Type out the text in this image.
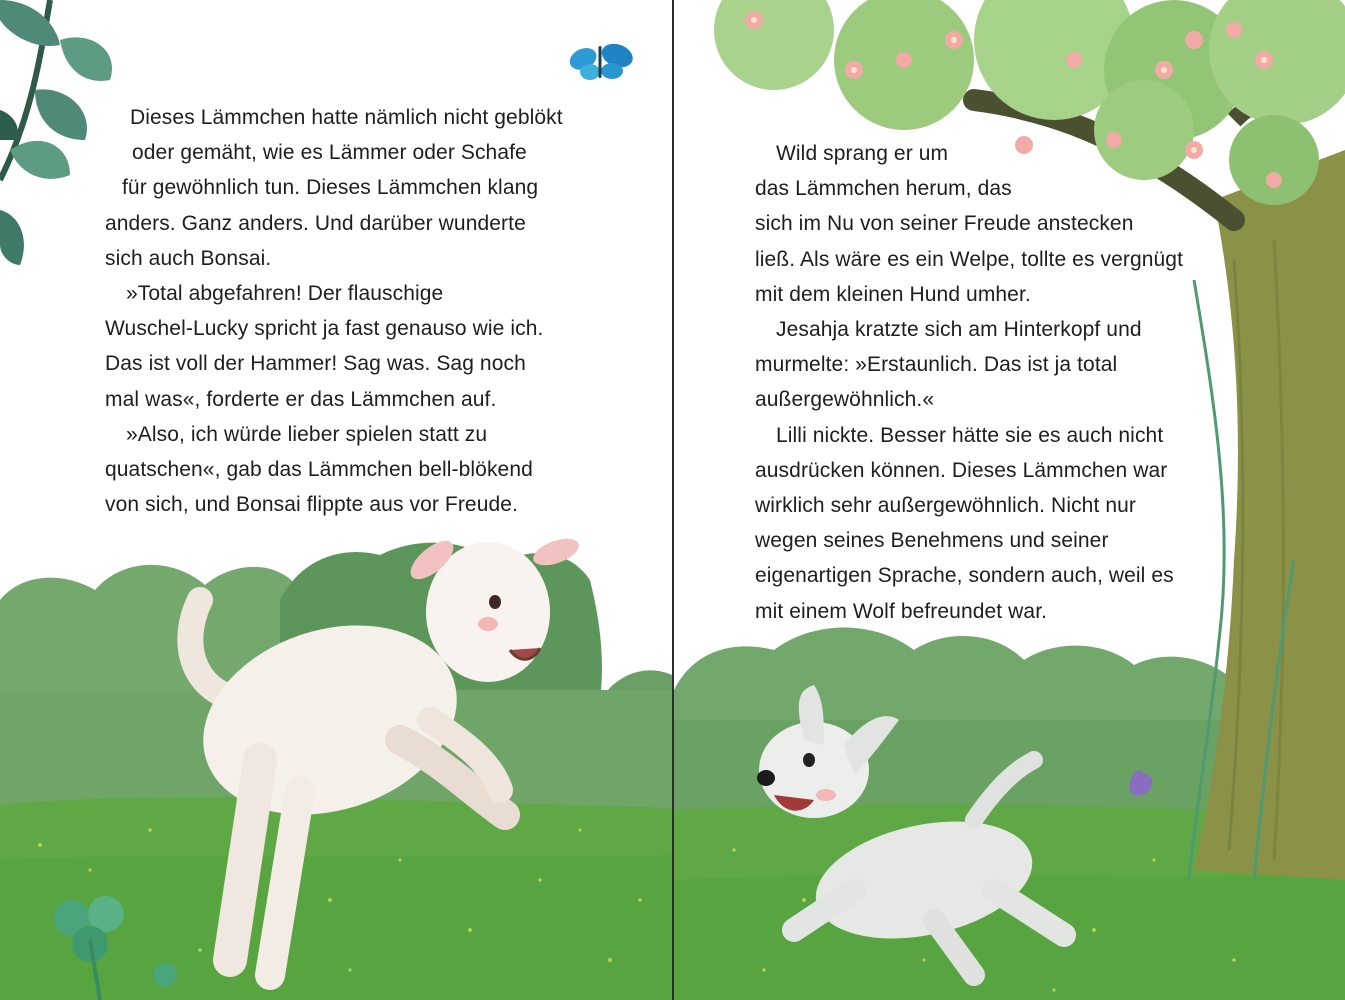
Dieses Lämmchen hatte nämlich nicht geblökt
oder gemäht, wie es Lämmer oder Schafe
für gewöhnlich tun. Dieses Lämmchen klang
anders. Ganz anders. Und darüber wunderte
sich auch Bonsai.
»Total abgefahren! Der flauschige
Wuschel-Lucky spricht ja fast genauso wie ich.
Das ist voll der Hammer! Sag was. Sag noch
mal was«, forderte er das Lämmchen auf.
»Also, ich würde lieber spielen statt zu
quatschen«, gab das Lämmchen bell-blökend
von sich, und Bonsai flippte aus vor Freude.
Wild sprang er um
das Lämmchen herum, das
sich im Nu von seiner Freude anstecken
ließ. Als wäre es ein Welpe, tollte es vergnügt
mit dem kleinen Hund umher.
Jesahja kratzte sich am Hinterkopf und
murmelte: »Erstaunlich. Das ist ja total
außergewöhnlich.«
Lilli nickte. Besser hätte sie es auch nicht
ausdrücken können. Dieses Lämmchen war
wirklich sehr außergewöhnlich. Nicht nur
wegen seines Benehmens und seiner
eigenartigen Sprache, sondern auch, weil es
mit einem Wolf befreundet war.
